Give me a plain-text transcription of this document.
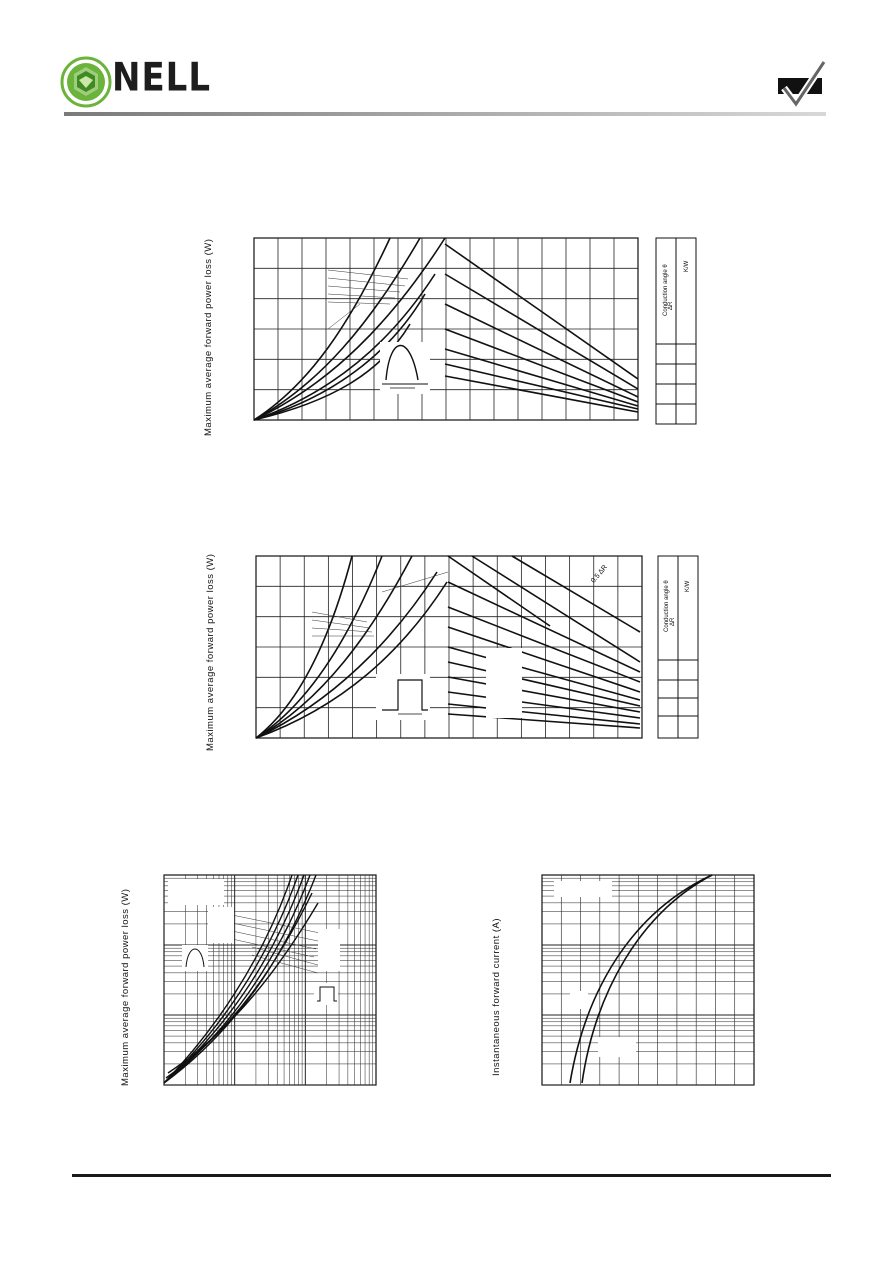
NELL
Maximum average forward power loss (W)	Conduction angle θ ΔR
K/W
Maximum average forward power loss (W)	0.5 ΔR
Conduction angle θ ΔR
K/W
Maximum average forward power loss (W)	Instantaneous forward current (A)
